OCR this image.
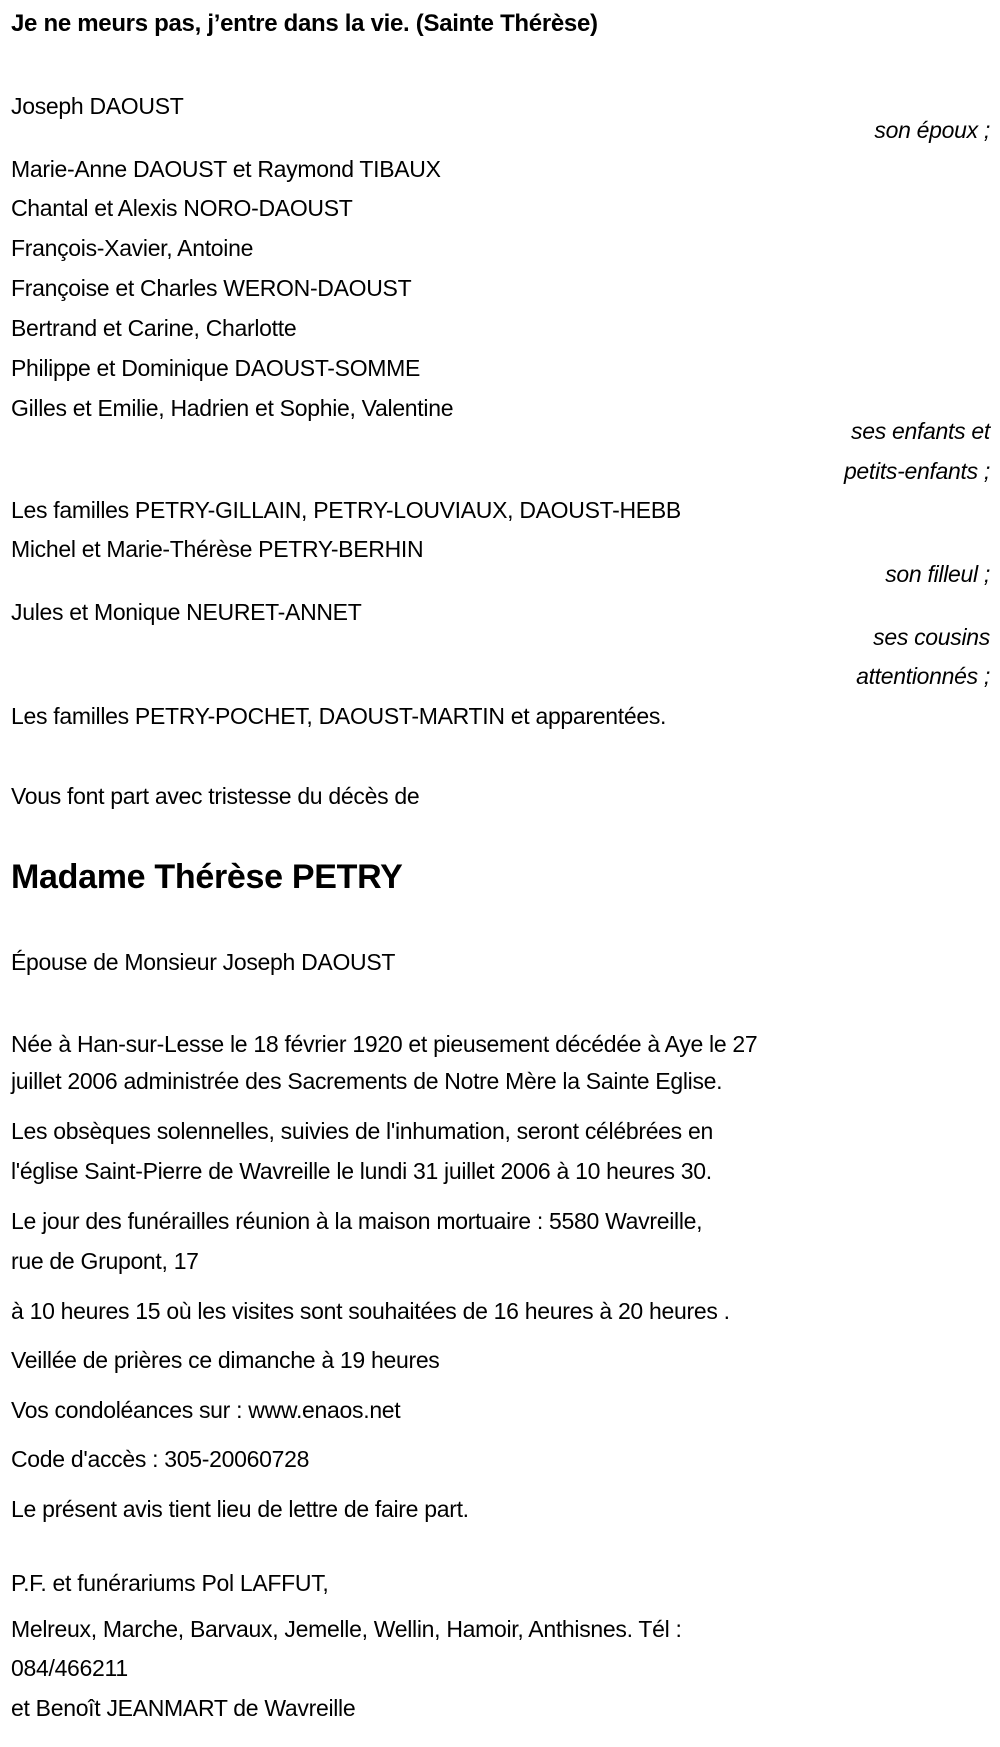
Je ne meurs pas, j’entre dans la vie. (Sainte Thérèse)
Joseph DAOUST
son époux ;
Marie-Anne DAOUST et Raymond TIBAUX
Chantal et Alexis NORO-DAOUST
François-Xavier, Antoine
Françoise et Charles WERON-DAOUST
Bertrand et Carine, Charlotte
Philippe et Dominique DAOUST-SOMME
Gilles et Emilie, Hadrien et Sophie, Valentine
ses enfants et
petits-enfants ;
Les familles PETRY-GILLAIN, PETRY-LOUVIAUX, DAOUST-HEBB
Michel et Marie-Thérèse PETRY-BERHIN
son filleul ;
Jules et Monique NEURET-ANNET
ses cousins
attentionnés ;
Les familles PETRY-POCHET, DAOUST-MARTIN et apparentées.
Vous font part avec tristesse du décès de
Madame Thérèse PETRY
Épouse de Monsieur Joseph DAOUST
Née à Han-sur-Lesse le 18 février 1920 et pieusement décédée à Aye le 27
juillet 2006 administrée des Sacrements de Notre Mère la Sainte Eglise.
Les obsèques solennelles, suivies de l'inhumation, seront célébrées en
l'église Saint-Pierre de Wavreille le lundi 31 juillet 2006 à 10 heures 30.
Le jour des funérailles réunion à la maison mortuaire : 5580 Wavreille,
rue de Grupont, 17
à 10 heures 15 où les visites sont souhaitées de 16 heures à 20 heures .
Veillée de prières ce dimanche à 19 heures
Vos condoléances sur : www.enaos.net
Code d'accès : 305-20060728
Le présent avis tient lieu de lettre de faire part.
P.F. et funérariums Pol LAFFUT,
Melreux, Marche, Barvaux, Jemelle, Wellin, Hamoir, Anthisnes. Tél :
084/466211
et Benoît JEANMART de Wavreille
